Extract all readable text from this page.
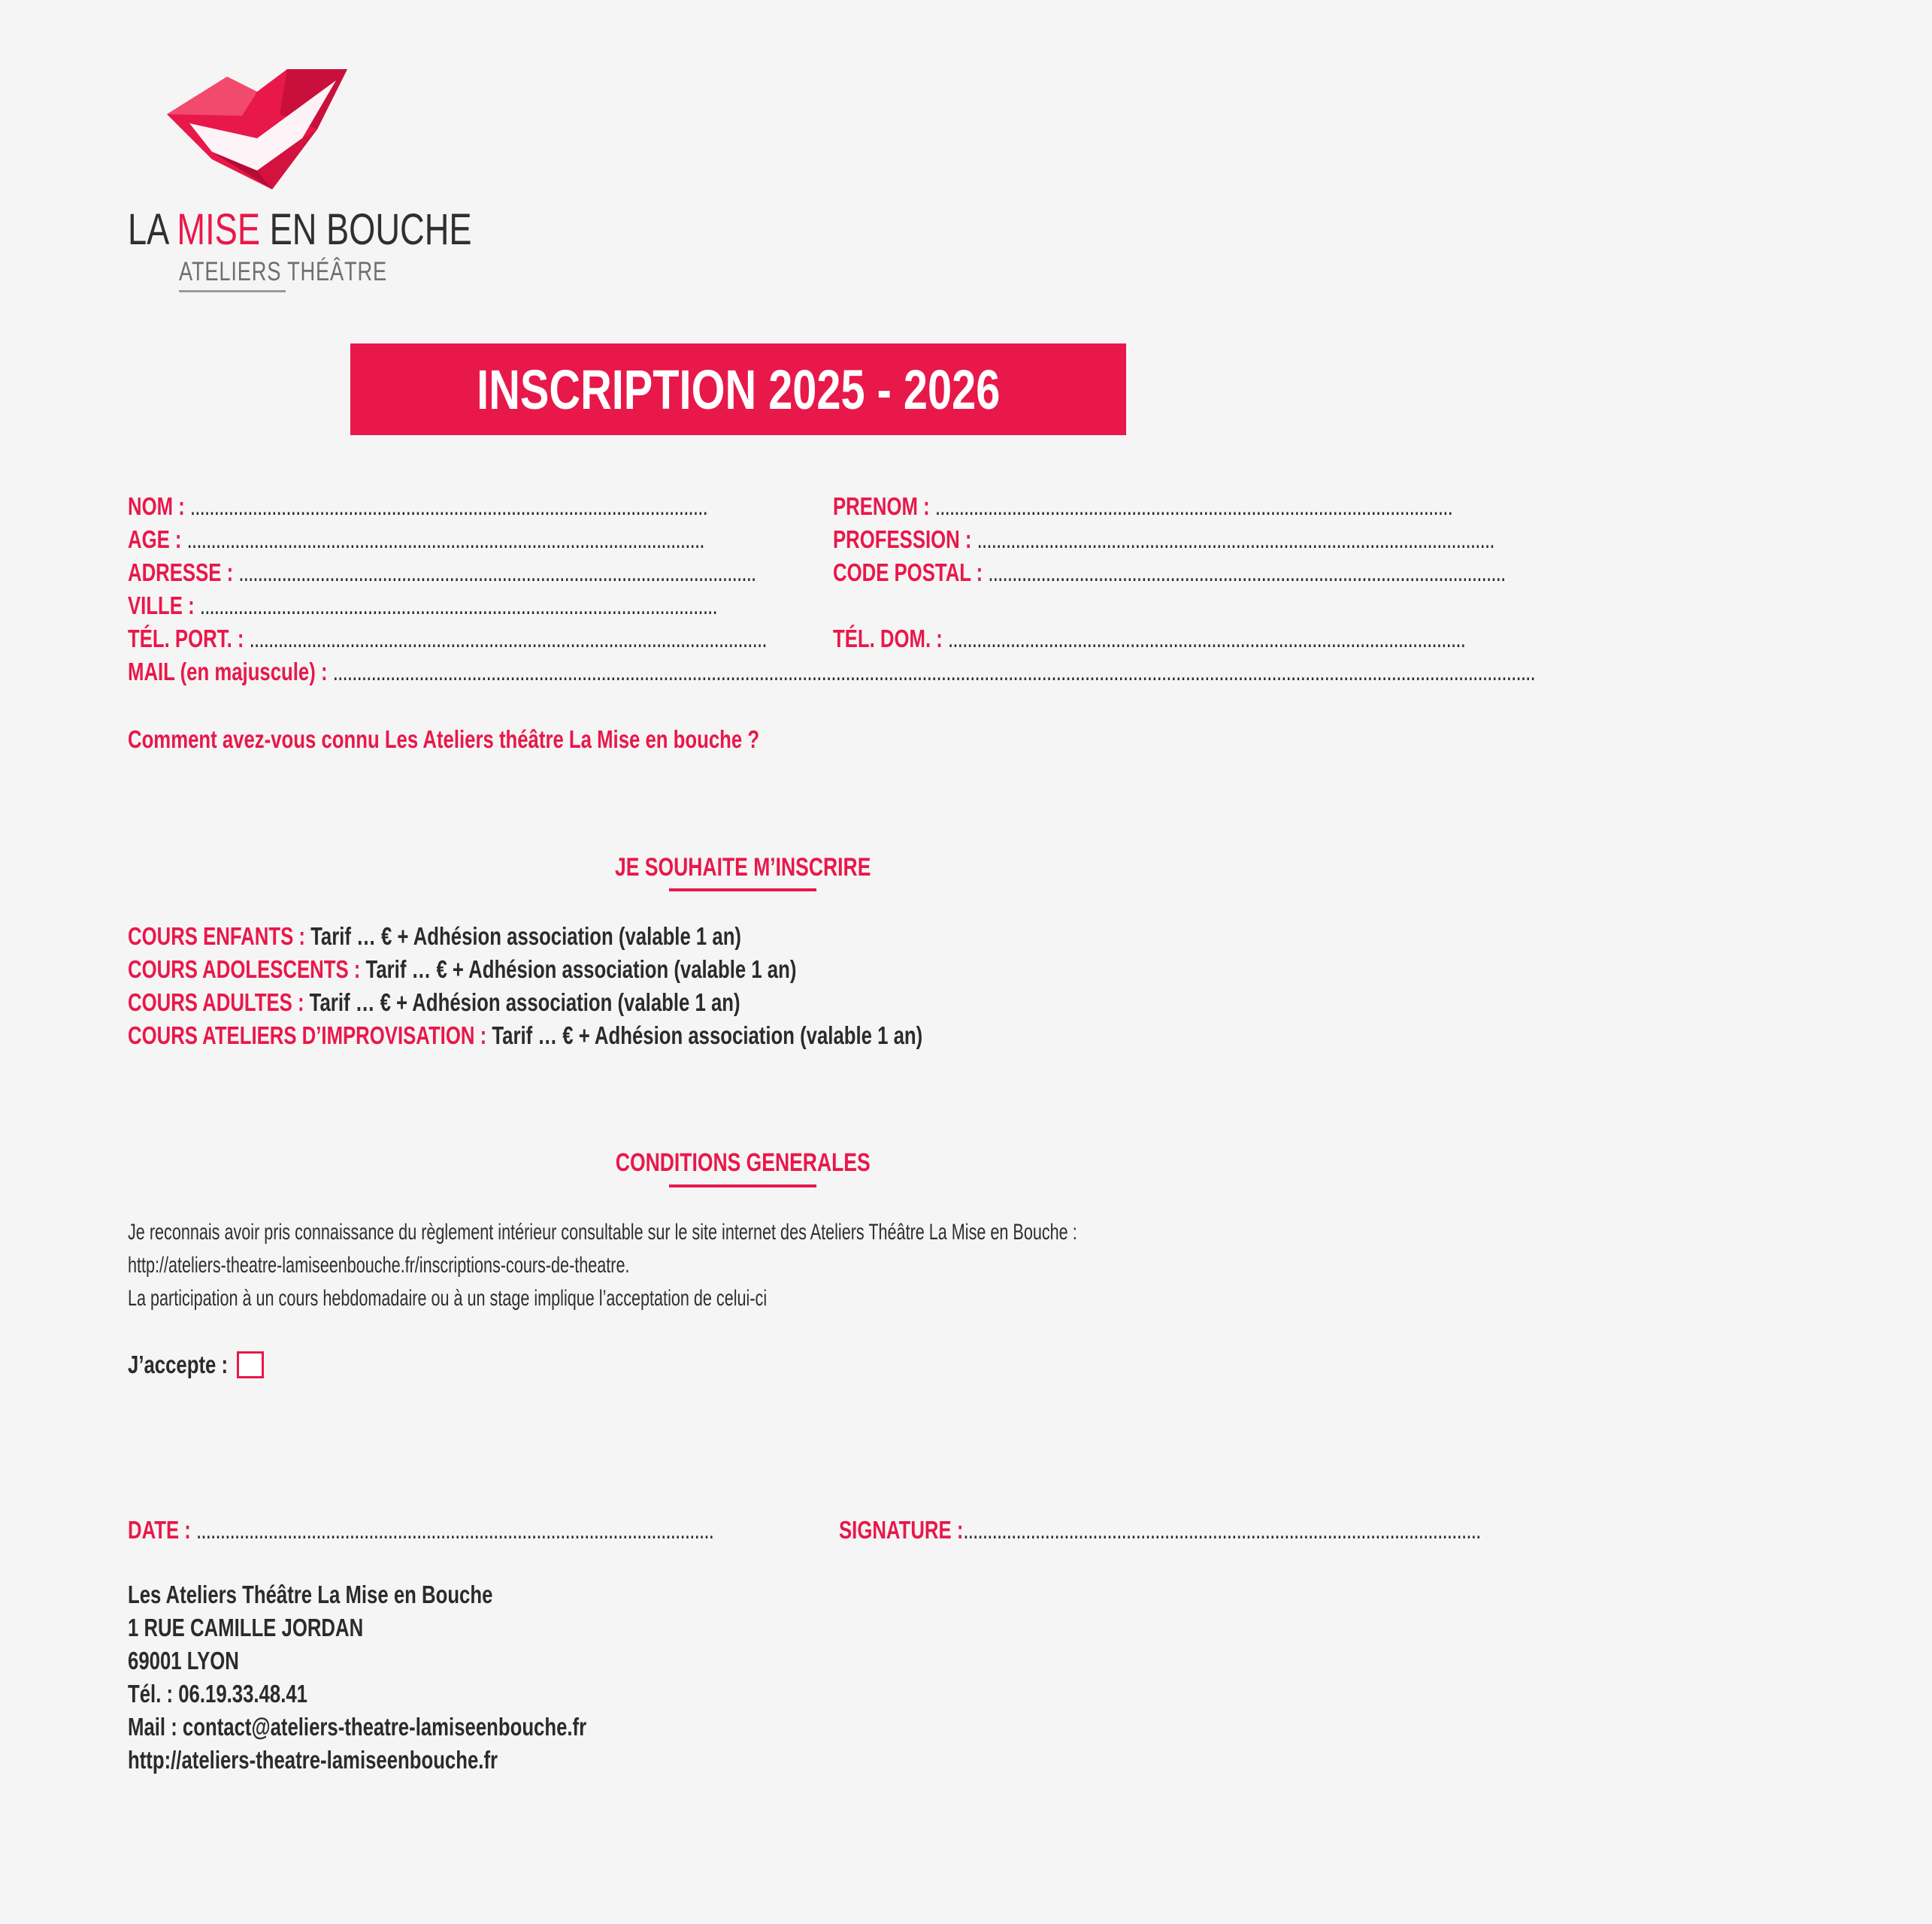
LA MISE EN BOUCHE
ATELIERS THÉÂTRE
INSCRIPTION 2025 - 2026
NOM : ............................................................................................................
AGE : ............................................................................................................
ADRESSE : ............................................................................................................
VILLE : ............................................................................................................
TÉL. PORT. : ............................................................................................................
MAIL (en majuscule) : ...........................................................................................................................................................................................................................................................
PRENOM : ............................................................................................................
PROFESSION : ............................................................................................................
CODE POSTAL : ............................................................................................................
TÉL. DOM. : ............................................................................................................
Comment avez-vous connu Les Ateliers théâtre La Mise en bouche ?
JE SOUHAITE M’INSCRIRE
COURS ENFANTS : Tarif … € + Adhésion association (valable 1 an)
COURS ADOLESCENTS : Tarif … € + Adhésion association (valable 1 an)
COURS ADULTES : Tarif … € + Adhésion association (valable 1 an)
COURS ATELIERS D’IMPROVISATION : Tarif … € + Adhésion association (valable 1 an)
CONDITIONS GENERALES
Je reconnais avoir pris connaissance du règlement intérieur consultable sur le site internet des Ateliers Théâtre La Mise en Bouche :
http://ateliers-theatre-lamiseenbouche.fr/inscriptions-cours-de-theatre.
La participation à un cours hebdomadaire ou à un stage implique l’acceptation de celui-ci
J’accepte :
DATE : ............................................................................................................	SIGNATURE :............................................................................................................
Les Ateliers Théâtre La Mise en Bouche
1 RUE CAMILLE JORDAN
69001 LYON
Tél. : 06.19.33.48.41
Mail : contact@ateliers-theatre-lamiseenbouche.fr
http://ateliers-theatre-lamiseenbouche.fr
